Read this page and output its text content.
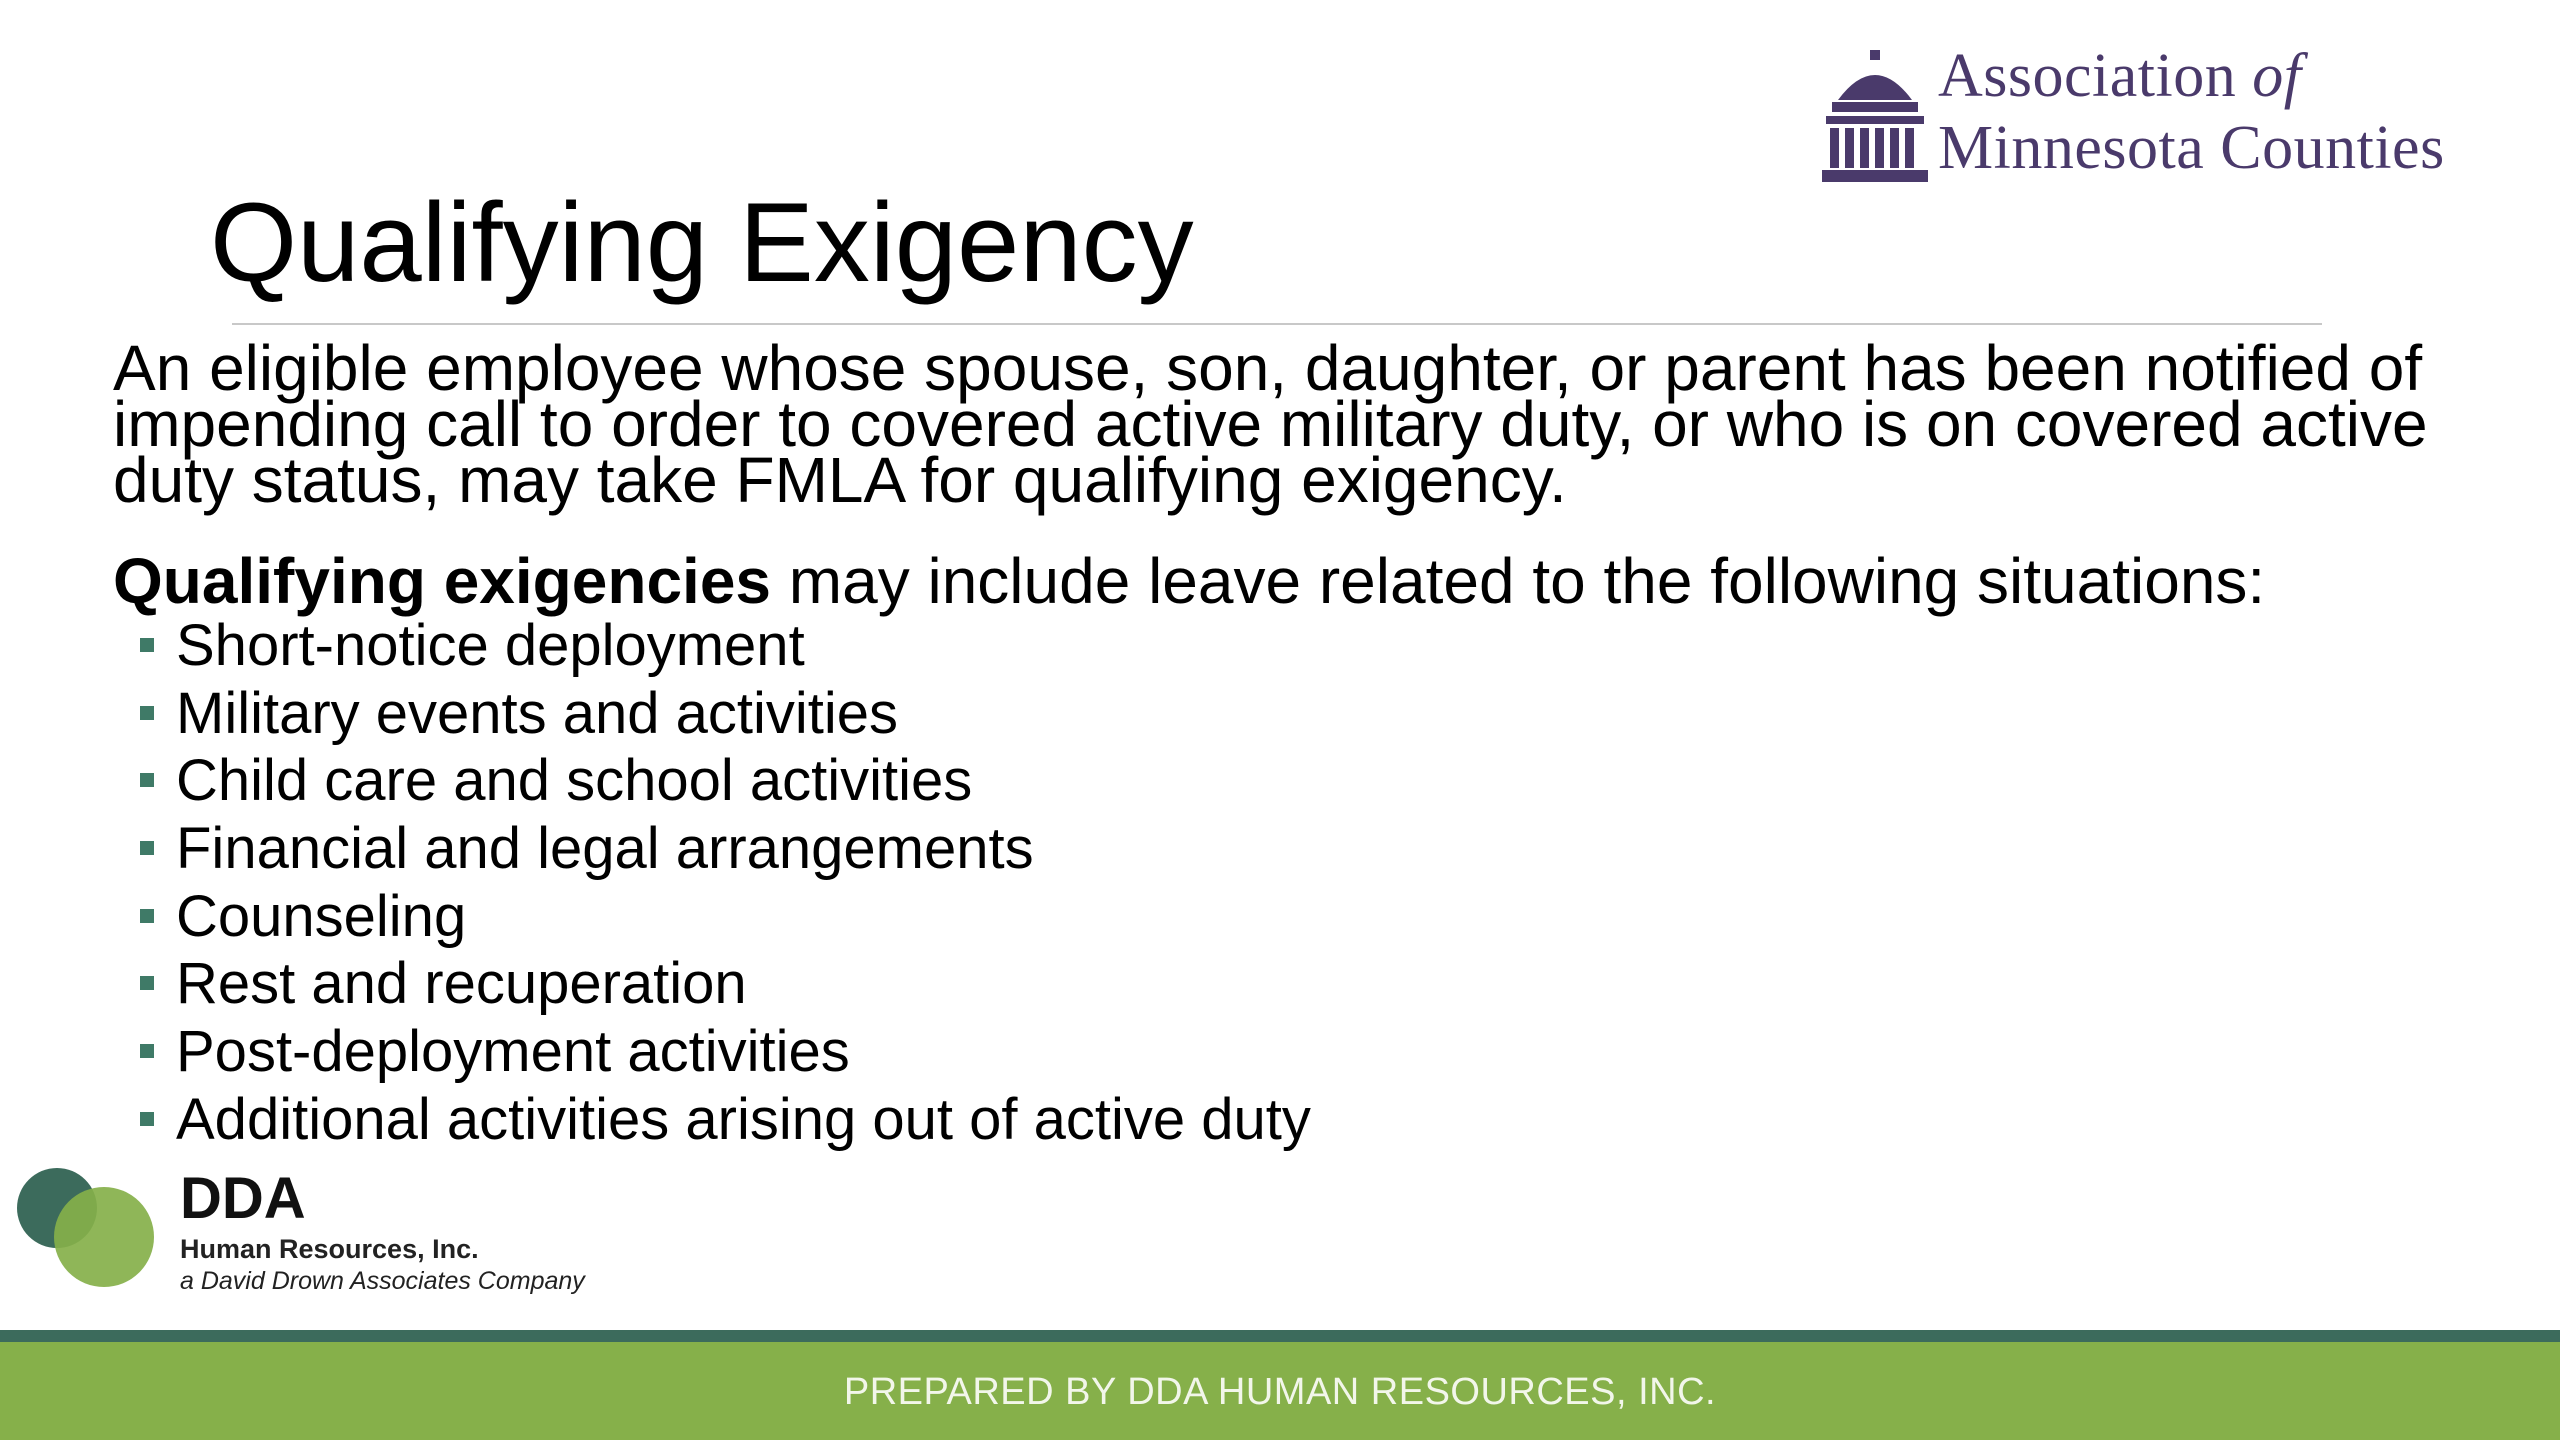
Association of
Minnesota Counties
Qualifying Exigency

An eligible employee whose spouse, son, daughter, or parent has been notified of impending call to order to covered active military duty, or who is on covered active duty status, may take FMLA for qualifying exigency.

Qualifying exigencies may include leave related to the following situations:
Short-notice deployment
Military events and activities
Child care and school activities
Financial and legal arrangements
Counseling
Rest and recuperation
Post-deployment activities
Additional activities arising out of active duty
DDA
Human Resources, Inc.
a David Drown Associates Company
PREPARED BY DDA HUMAN RESOURCES, INC.
